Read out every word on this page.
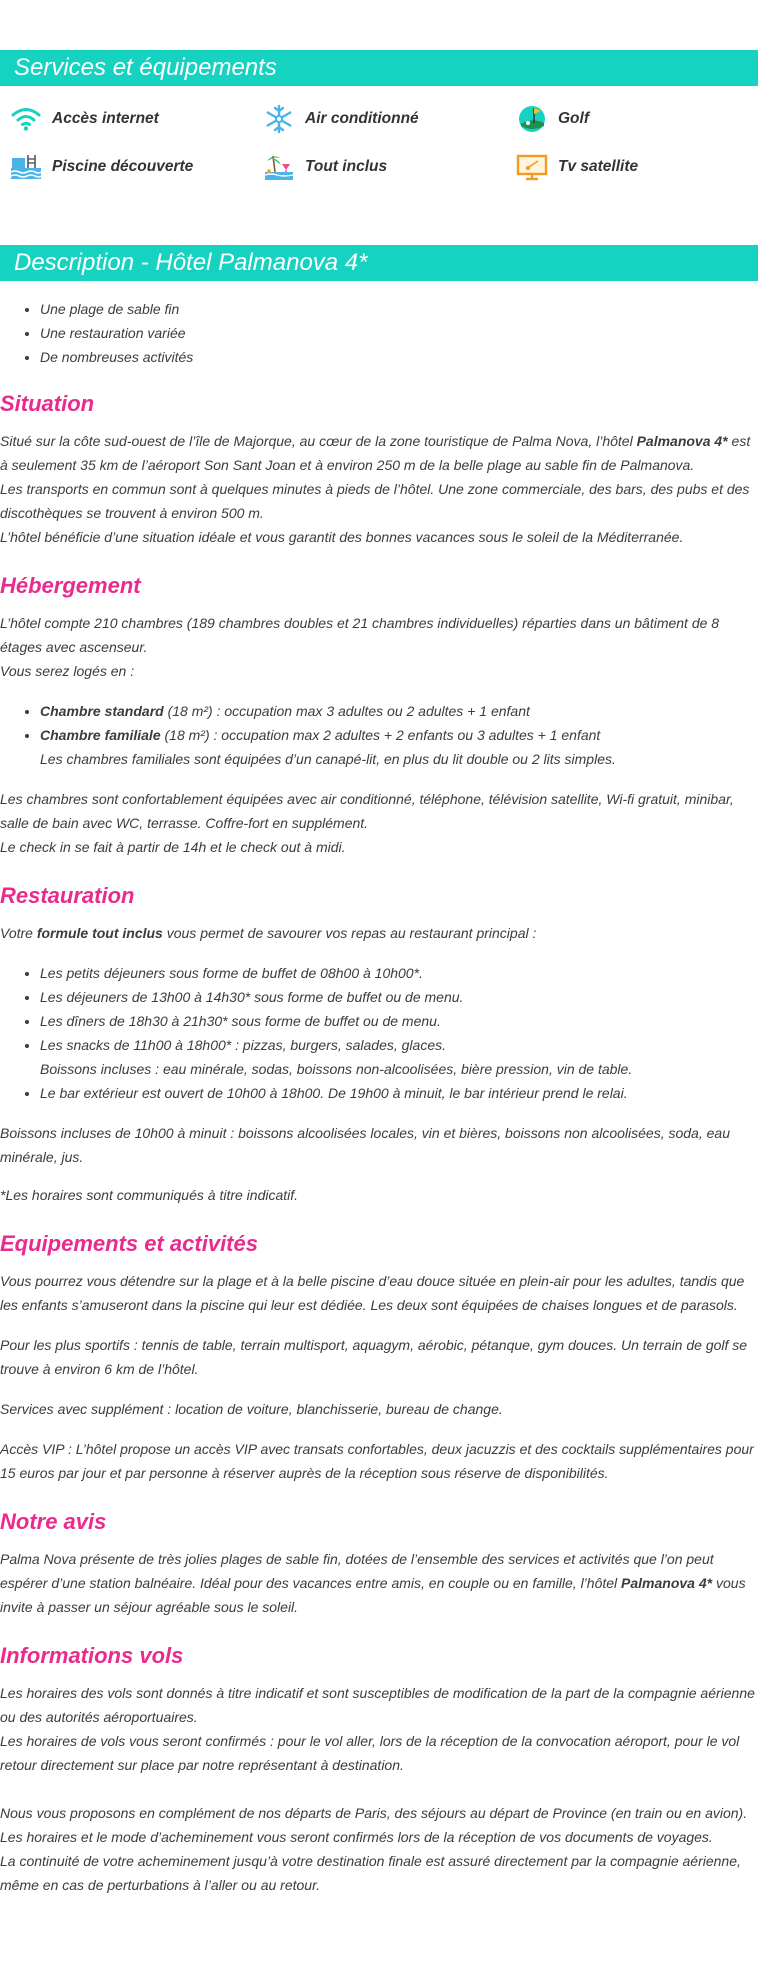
Services et équipements
Accès internet	Air conditionné	Golf
Piscine découverte	Tout inclus	Tv satellite
Description - Hôtel Palmanova 4*
• Une plage de sable fin
• Une restauration variée
• De nombreuses activités
Situation

Situé sur la côte sud-ouest de l’île de Majorque, au cœur de la zone touristique de Palma Nova, l’hôtel Palmanova 4* est à seulement 35 km de l’aéroport Son Sant Joan et à environ 250 m de la belle plage au sable fin de Palmanova.

Les transports en commun sont à quelques minutes à pieds de l’hôtel. Une zone commerciale, des bars, des pubs et des discothèques se trouvent à environ 500 m.

L’hôtel bénéficie d’une situation idéale et vous garantit des bonnes vacances sous le soleil de la Méditerranée.

Hébergement

L’hôtel compte 210 chambres (189 chambres doubles et 21 chambres individuelles) réparties dans un bâtiment de 8 étages avec ascenseur.

Vous serez logés en :

• Chambre standard (18 m²) : occupation max 3 adultes ou 2 adultes + 1 enfant
• Chambre familiale (18 m²) : occupation max 2 adultes + 2 enfants ou 3 adultes + 1 enfant
Les chambres familiales sont équipées d’un canapé-lit, en plus du lit double ou 2 lits simples.

Les chambres sont confortablement équipées avec air conditionné, téléphone, télévision satellite, Wi-fi gratuit, minibar, salle de bain avec WC, terrasse. Coffre-fort en supplément.

Le check in se fait à partir de 14h et le check out à midi.

Restauration

Votre formule tout inclus vous permet de savourer vos repas au restaurant principal :

• Les petits déjeuners sous forme de buffet de 08h00 à 10h00*.
• Les déjeuners de 13h00 à 14h30* sous forme de buffet ou de menu.
• Les dîners de 18h30 à 21h30* sous forme de buffet ou de menu.
• Les snacks de 11h00 à 18h00* : pizzas, burgers, salades, glaces.
Boissons incluses : eau minérale, sodas, boissons non-alcoolisées, bière pression, vin de table.
• Le bar extérieur est ouvert de 10h00 à 18h00. De 19h00 à minuit, le bar intérieur prend le relai.

Boissons incluses de 10h00 à minuit : boissons alcoolisées locales, vin et bières, boissons non alcoolisées, soda, eau minérale, jus.

*Les horaires sont communiqués à titre indicatif.

Equipements et activités

Vous pourrez vous détendre sur la plage et à la belle piscine d’eau douce située en plein-air pour les adultes, tandis que les enfants s’amuseront dans la piscine qui leur est dédiée. Les deux sont équipées de chaises longues et de parasols.

Pour les plus sportifs : tennis de table, terrain multisport, aquagym, aérobic, pétanque, gym douces. Un terrain de golf se trouve à environ 6 km de l’hôtel.

Services avec supplément : location de voiture, blanchisserie, bureau de change.

Accès VIP : L’hôtel propose un accès VIP avec transats confortables, deux jacuzzis et des cocktails supplémentaires pour 15 euros par jour et par personne à réserver auprès de la réception sous réserve de disponibilités.

Notre avis

Palma Nova présente de très jolies plages de sable fin, dotées de l’ensemble des services et activités que l’on peut espérer d’une station balnéaire. Idéal pour des vacances entre amis, en couple ou en famille, l’hôtel Palmanova 4* vous invite à passer un séjour agréable sous le soleil.

Informations vols

Les horaires des vols sont donnés à titre indicatif et sont susceptibles de modification de la part de la compagnie aérienne ou des autorités aéroportuaires.

Les horaires de vols vous seront confirmés : pour le vol aller, lors de la réception de la convocation aéroport, pour le vol retour directement sur place par notre représentant à destination.

Nous vous proposons en complément de nos départs de Paris, des séjours au départ de Province (en train ou en avion).

Les horaires et le mode d’acheminement vous seront confirmés lors de la réception de vos documents de voyages.

La continuité de votre acheminement jusqu’à votre destination finale est assuré directement par la compagnie aérienne, même en cas de perturbations à l’aller ou au retour.
